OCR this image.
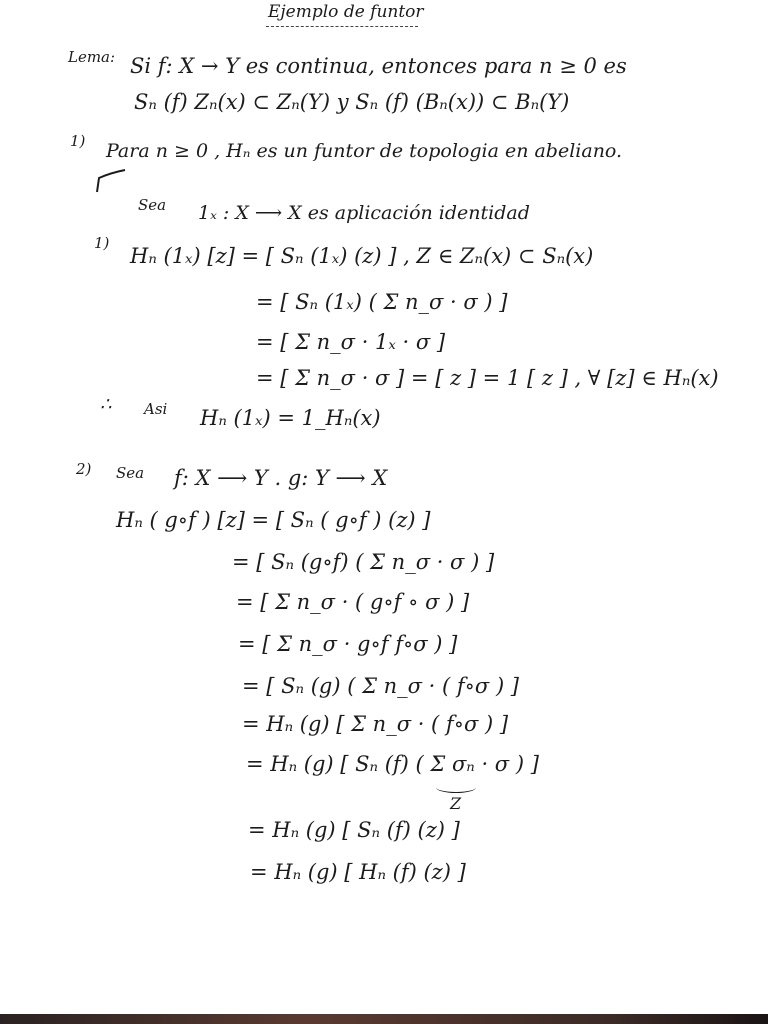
Ejemplo de funtor
Lema: Si f: X → Y es continua, entonces para n ≥ 0 es
Sₙ (f) Zₙ(x) ⊂ Zₙ(Y) y Sₙ (f) (Bₙ(x)) ⊂ Bₙ(Y)
1) Para n ≥ 0 , Hₙ es un funtor de topologia en abeliano.
Sea 1ₓ : X ⟶ X es aplicación identidad
1)
Hₙ (1ₓ) [z] = [ Sₙ (1ₓ) (z) ] , Z ∈ Zₙ(x) ⊂ Sₙ(x)
= [ Sₙ (1ₓ) ( Σ n_σ · σ ) ]
= [ Σ n_σ · 1ₓ · σ ]
= [ Σ n_σ · σ ] = [ z ] = 1 [ z ] , ∀ [z] ∈ Hₙ(x)
∴ Asi Hₙ (1ₓ) = 1_Hₙ(x)
2) Sea f: X ⟶ Y . g: Y ⟶ X
Hₙ ( g∘f ) [z] = [ Sₙ ( g∘f ) (z) ]
= [ Sₙ (g∘f) ( Σ n_σ · σ ) ]
= [ Σ n_σ · ( g∘f ∘ σ ) ]
= [ Σ n_σ · g∘f f∘σ ) ]
= [ Sₙ (g) ( Σ n_σ · ( f∘σ ) ]
= Hₙ (g) [ Σ n_σ · ( f∘σ ) ]
= Hₙ (g) [ Sₙ (f) ( Σ σₙ · σ ) ]
Z
= Hₙ (g) [ Sₙ (f) (z) ]
= Hₙ (g) [ Hₙ (f) (z) ]
